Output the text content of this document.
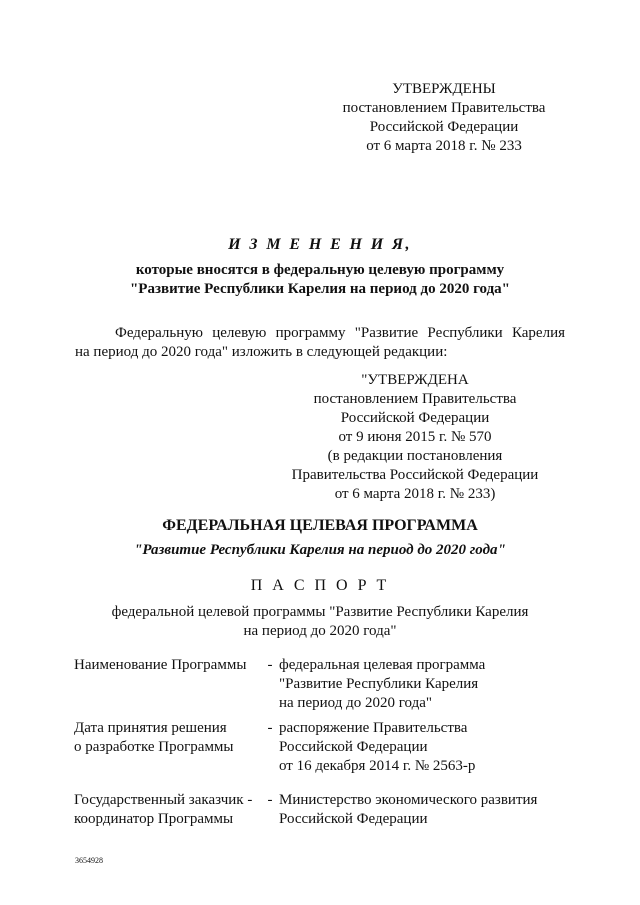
УТВЕРЖДЕНЫ
постановлением Правительства
Российской Федерации
от 6 марта 2018 г. № 233
И З М Е Н Е Н И Я,
которые вносятся в федеральную целевую программу
"Развитие Республики Карелия на период до 2020 года"
Федеральную целевую программу "Развитие Республики Карелия
на период до 2020 года" изложить в следующей редакции:
"УТВЕРЖДЕНА
постановлением Правительства
Российской Федерации
от 9 июня 2015 г. № 570
(в редакции постановления
Правительства Российской Федерации
от 6 марта 2018 г. № 233)
ФЕДЕРАЛЬНАЯ ЦЕЛЕВАЯ ПРОГРАММА
"Развитие Республики Карелия на период до 2020 года"
П А С П О Р Т
федеральной целевой программы "Развитие Республики Карелия
на период до 2020 года"
Наименование Программы	- федеральная целевая программа
"Развитие Республики Карелия
на период до 2020 года"
Дата принятия решения
о разработке Программы
- распоряжение Правительства
Российской Федерации
от 16 декабря 2014 г. № 2563-р
Государственный заказчик -
координатор Программы
- Министерство экономического развития
Российской Федерации
3654928
